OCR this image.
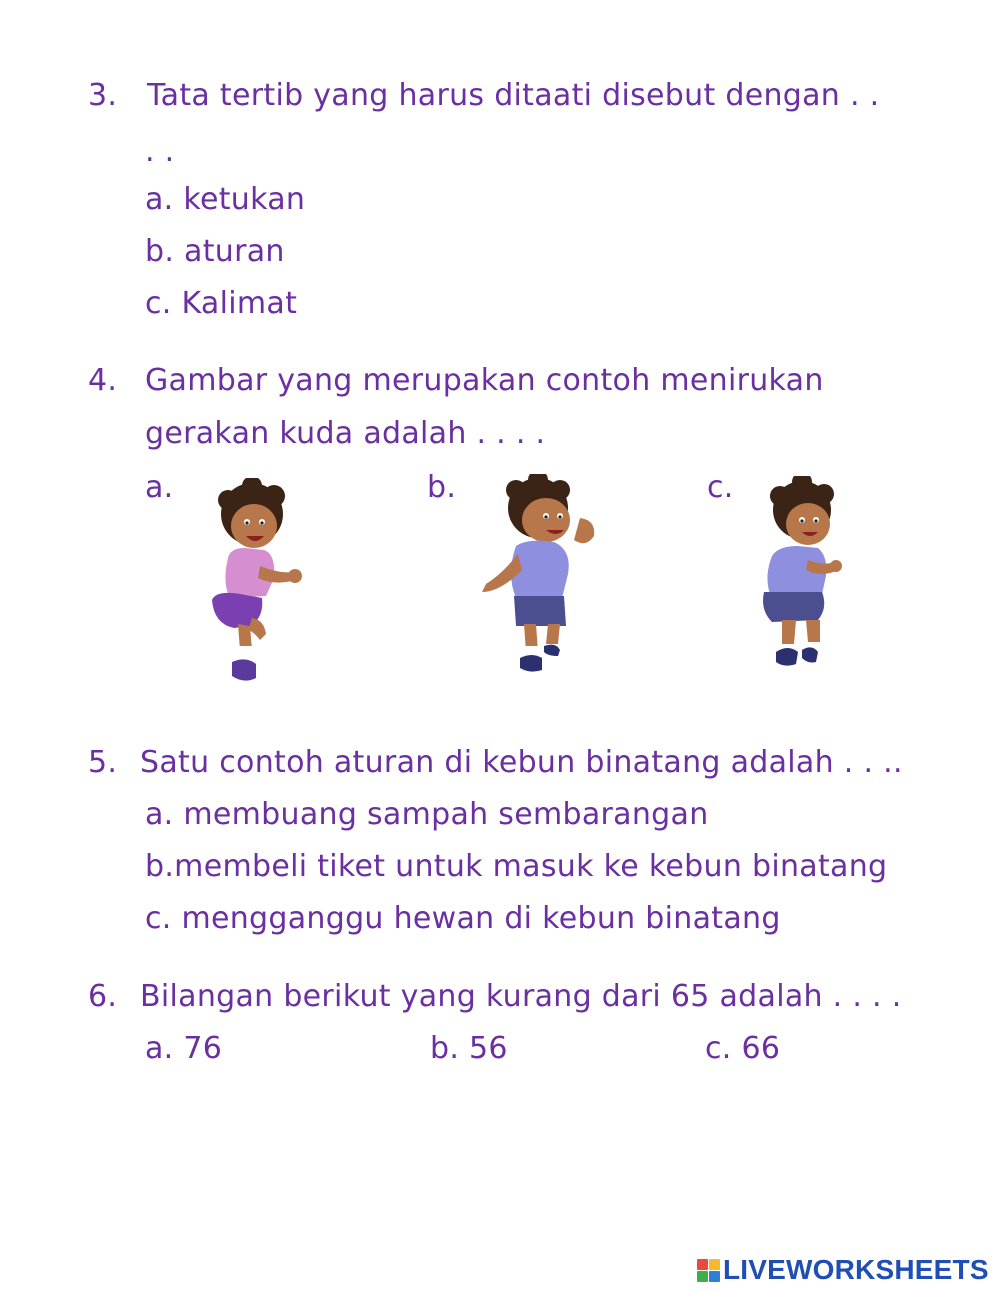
3. Tata tertib yang harus ditaati disebut dengan . .
. .
a. ketukan
b. aturan
c. Kalimat
4. Gambar yang merupakan contoh menirukan
gerakan kuda adalah . . . .
a.	b.	c.
5. Satu contoh aturan di kebun binatang adalah . . ..
a. membuang sampah sembarangan
b.membeli tiket untuk masuk ke kebun binatang
c. mengganggu hewan di kebun binatang
6. Bilangan berikut yang kurang dari 65 adalah . . . .
a. 76	b. 56	c. 66
LIVEWORKSHEETS
